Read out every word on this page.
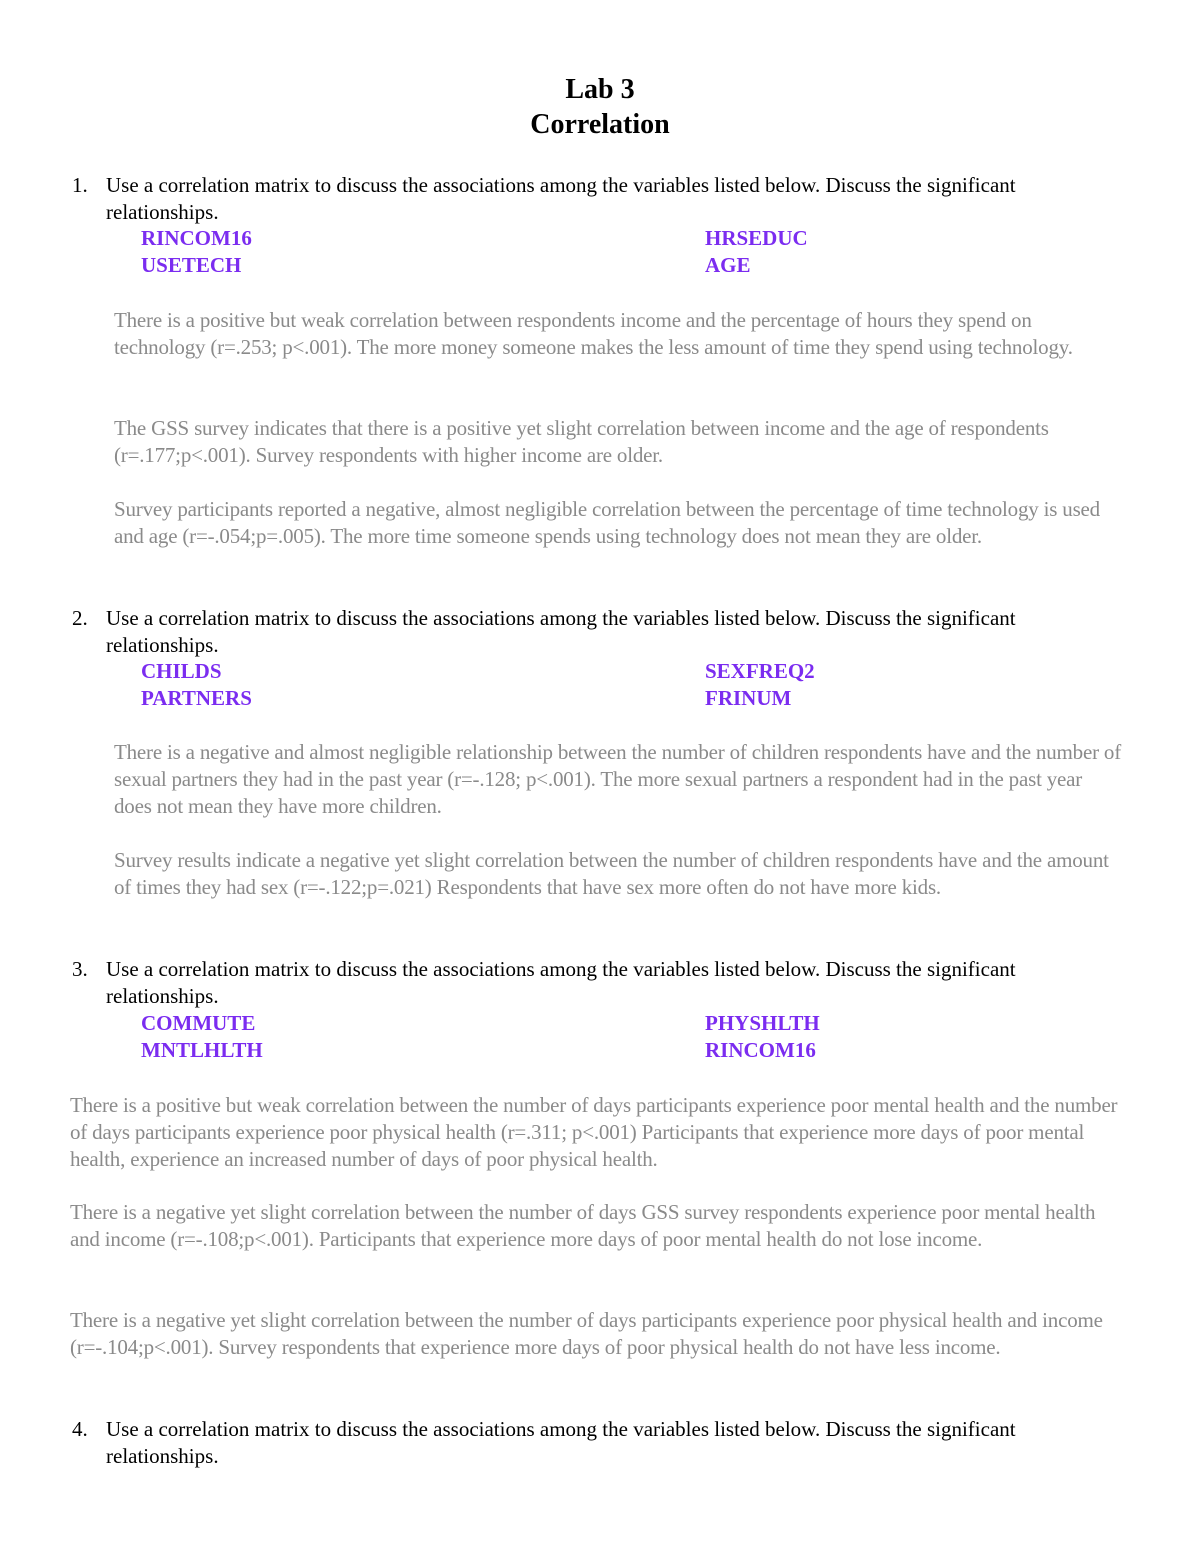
Lab 3
Correlation
1. Use a correlation matrix to discuss the associations among the variables listed below. Discuss the significant relationships.
RINCOM16	HRSEDUC
USETECH	AGE
There is a positive but weak correlation between respondents income and the percentage of hours they spend on technology (r=.253; p<.001). The more money someone makes the less amount of time they spend using technology.
The GSS survey indicates that there is a positive yet slight correlation between income and the age of respondents (r=.177;p<.001). Survey respondents with higher income are older.
Survey participants reported a negative, almost negligible correlation between the percentage of time technology is used and age (r=-.054;p=.005). The more time someone spends using technology does not mean they are older.
2. Use a correlation matrix to discuss the associations among the variables listed below. Discuss the significant relationships.
CHILDS	SEXFREQ2
PARTNERS	FRINUM
There is a negative and almost negligible relationship between the number of children respondents have and the number of sexual partners they had in the past year (r=-.128; p<.001). The more sexual partners a respondent had in the past year does not mean they have more children.
Survey results indicate a negative yet slight correlation between the number of children respondents have and the amount of times they had sex (r=-.122;p=.021) Respondents that have sex more often do not have more kids.
3. Use a correlation matrix to discuss the associations among the variables listed below. Discuss the significant relationships.
COMMUTE	PHYSHLTH
MNTLHLTH	RINCOM16
There is a positive but weak correlation between the number of days participants experience poor mental health and the number of days participants experience poor physical health (r=.311; p<.001) Participants that experience more days of poor mental health, experience an increased number of days of poor physical health.
There is a negative yet slight correlation between the number of days GSS survey respondents experience poor mental health and income (r=-.108;p<.001). Participants that experience more days of poor mental health do not lose income.
There is a negative yet slight correlation between the number of days participants experience poor physical health and income (r=-.104;p<.001). Survey respondents that experience more days of poor physical health do not have less income.
4. Use a correlation matrix to discuss the associations among the variables listed below. Discuss the significant relationships.
